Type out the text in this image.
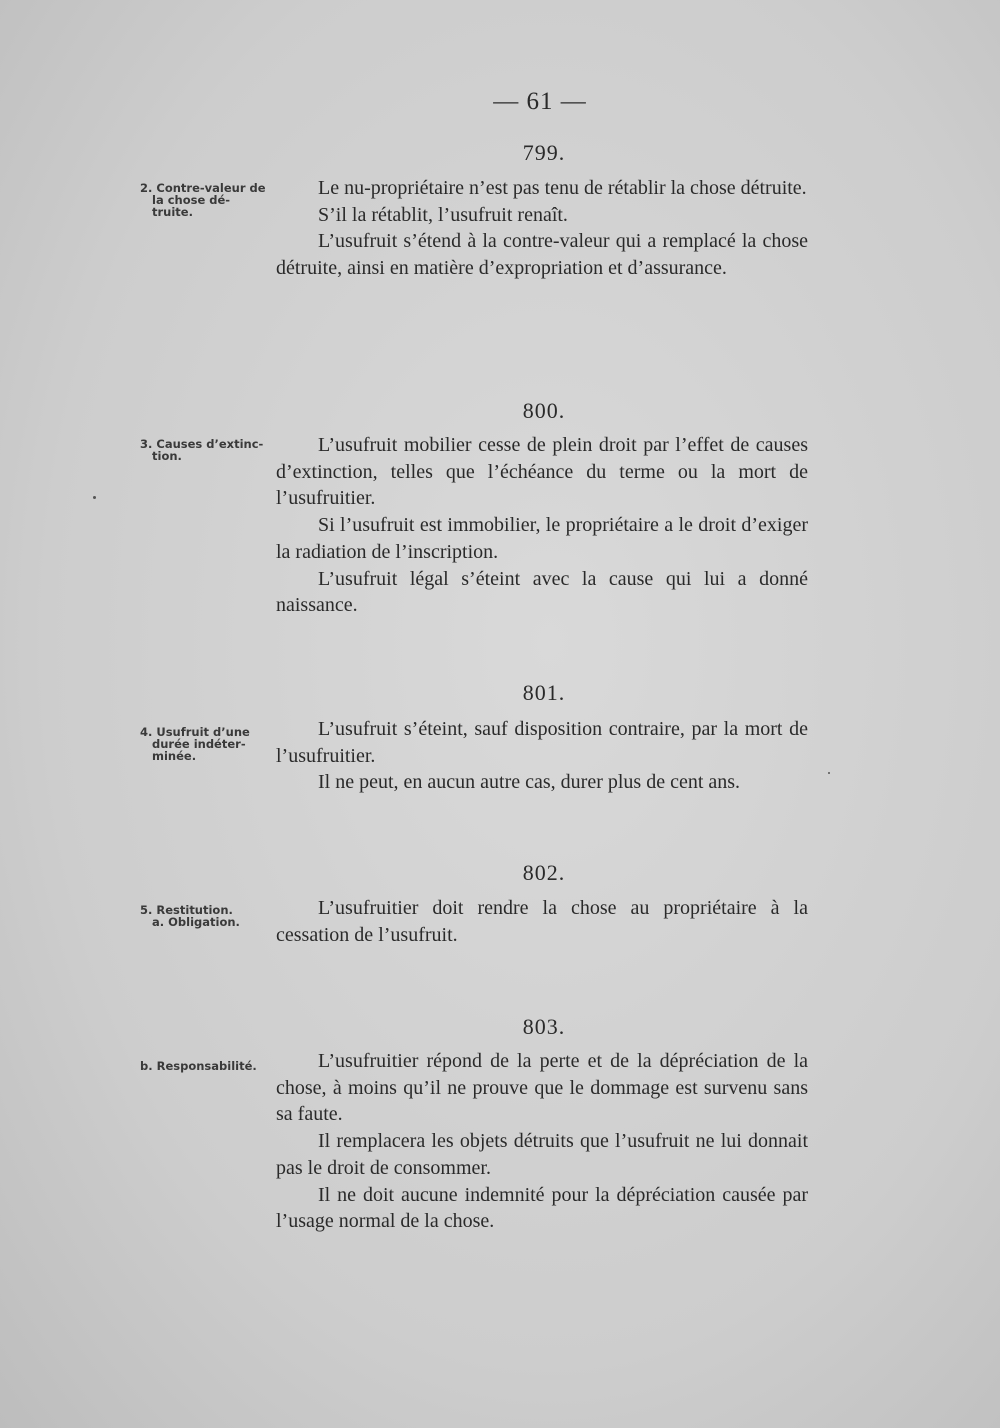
— 61 —
799.
2. Contre-valeur de
la chose dé-
truite.

Le nu-propriétaire n’est pas tenu de rétablir la chose détruite.

S’il la rétablit, l’usufruit renaît.

L’usufruit s’étend à la contre-valeur qui a remplacé la chose détruite, ainsi en matière d’expropriation et d’assurance.

800.
3. Causes d’extinc-
tion.	L’usufruit mobilier cesse de plein droit par l’effet de causes d’extinction, telles que l’échéance du terme ou la mort de l’usufruitier.

Si l’usufruit est immobilier, le propriétaire a le droit d’exiger la radiation de l’inscription.

L’usufruit légal s’éteint avec la cause qui lui a donné naissance.

801.
4. Usufruit d’une
durée indéter-
minée.

L’usufruit s’éteint, sauf disposition contraire, par la mort de l’usufruitier.

Il ne peut, en aucun autre cas, durer plus de cent ans.

802.
5. Restitution.
a. Obligation.

L’usufruitier doit rendre la chose au propriétaire à la cessation de l’usufruit.

803.
b. Responsabilité.	L’usufruitier répond de la perte et de la dépréciation de la chose, à moins qu’il ne prouve que le dommage est survenu sans sa faute.

Il remplacera les objets détruits que l’usufruit ne lui donnait pas le droit de consommer.

Il ne doit aucune indemnité pour la dépréciation causée par l’usage normal de la chose.
